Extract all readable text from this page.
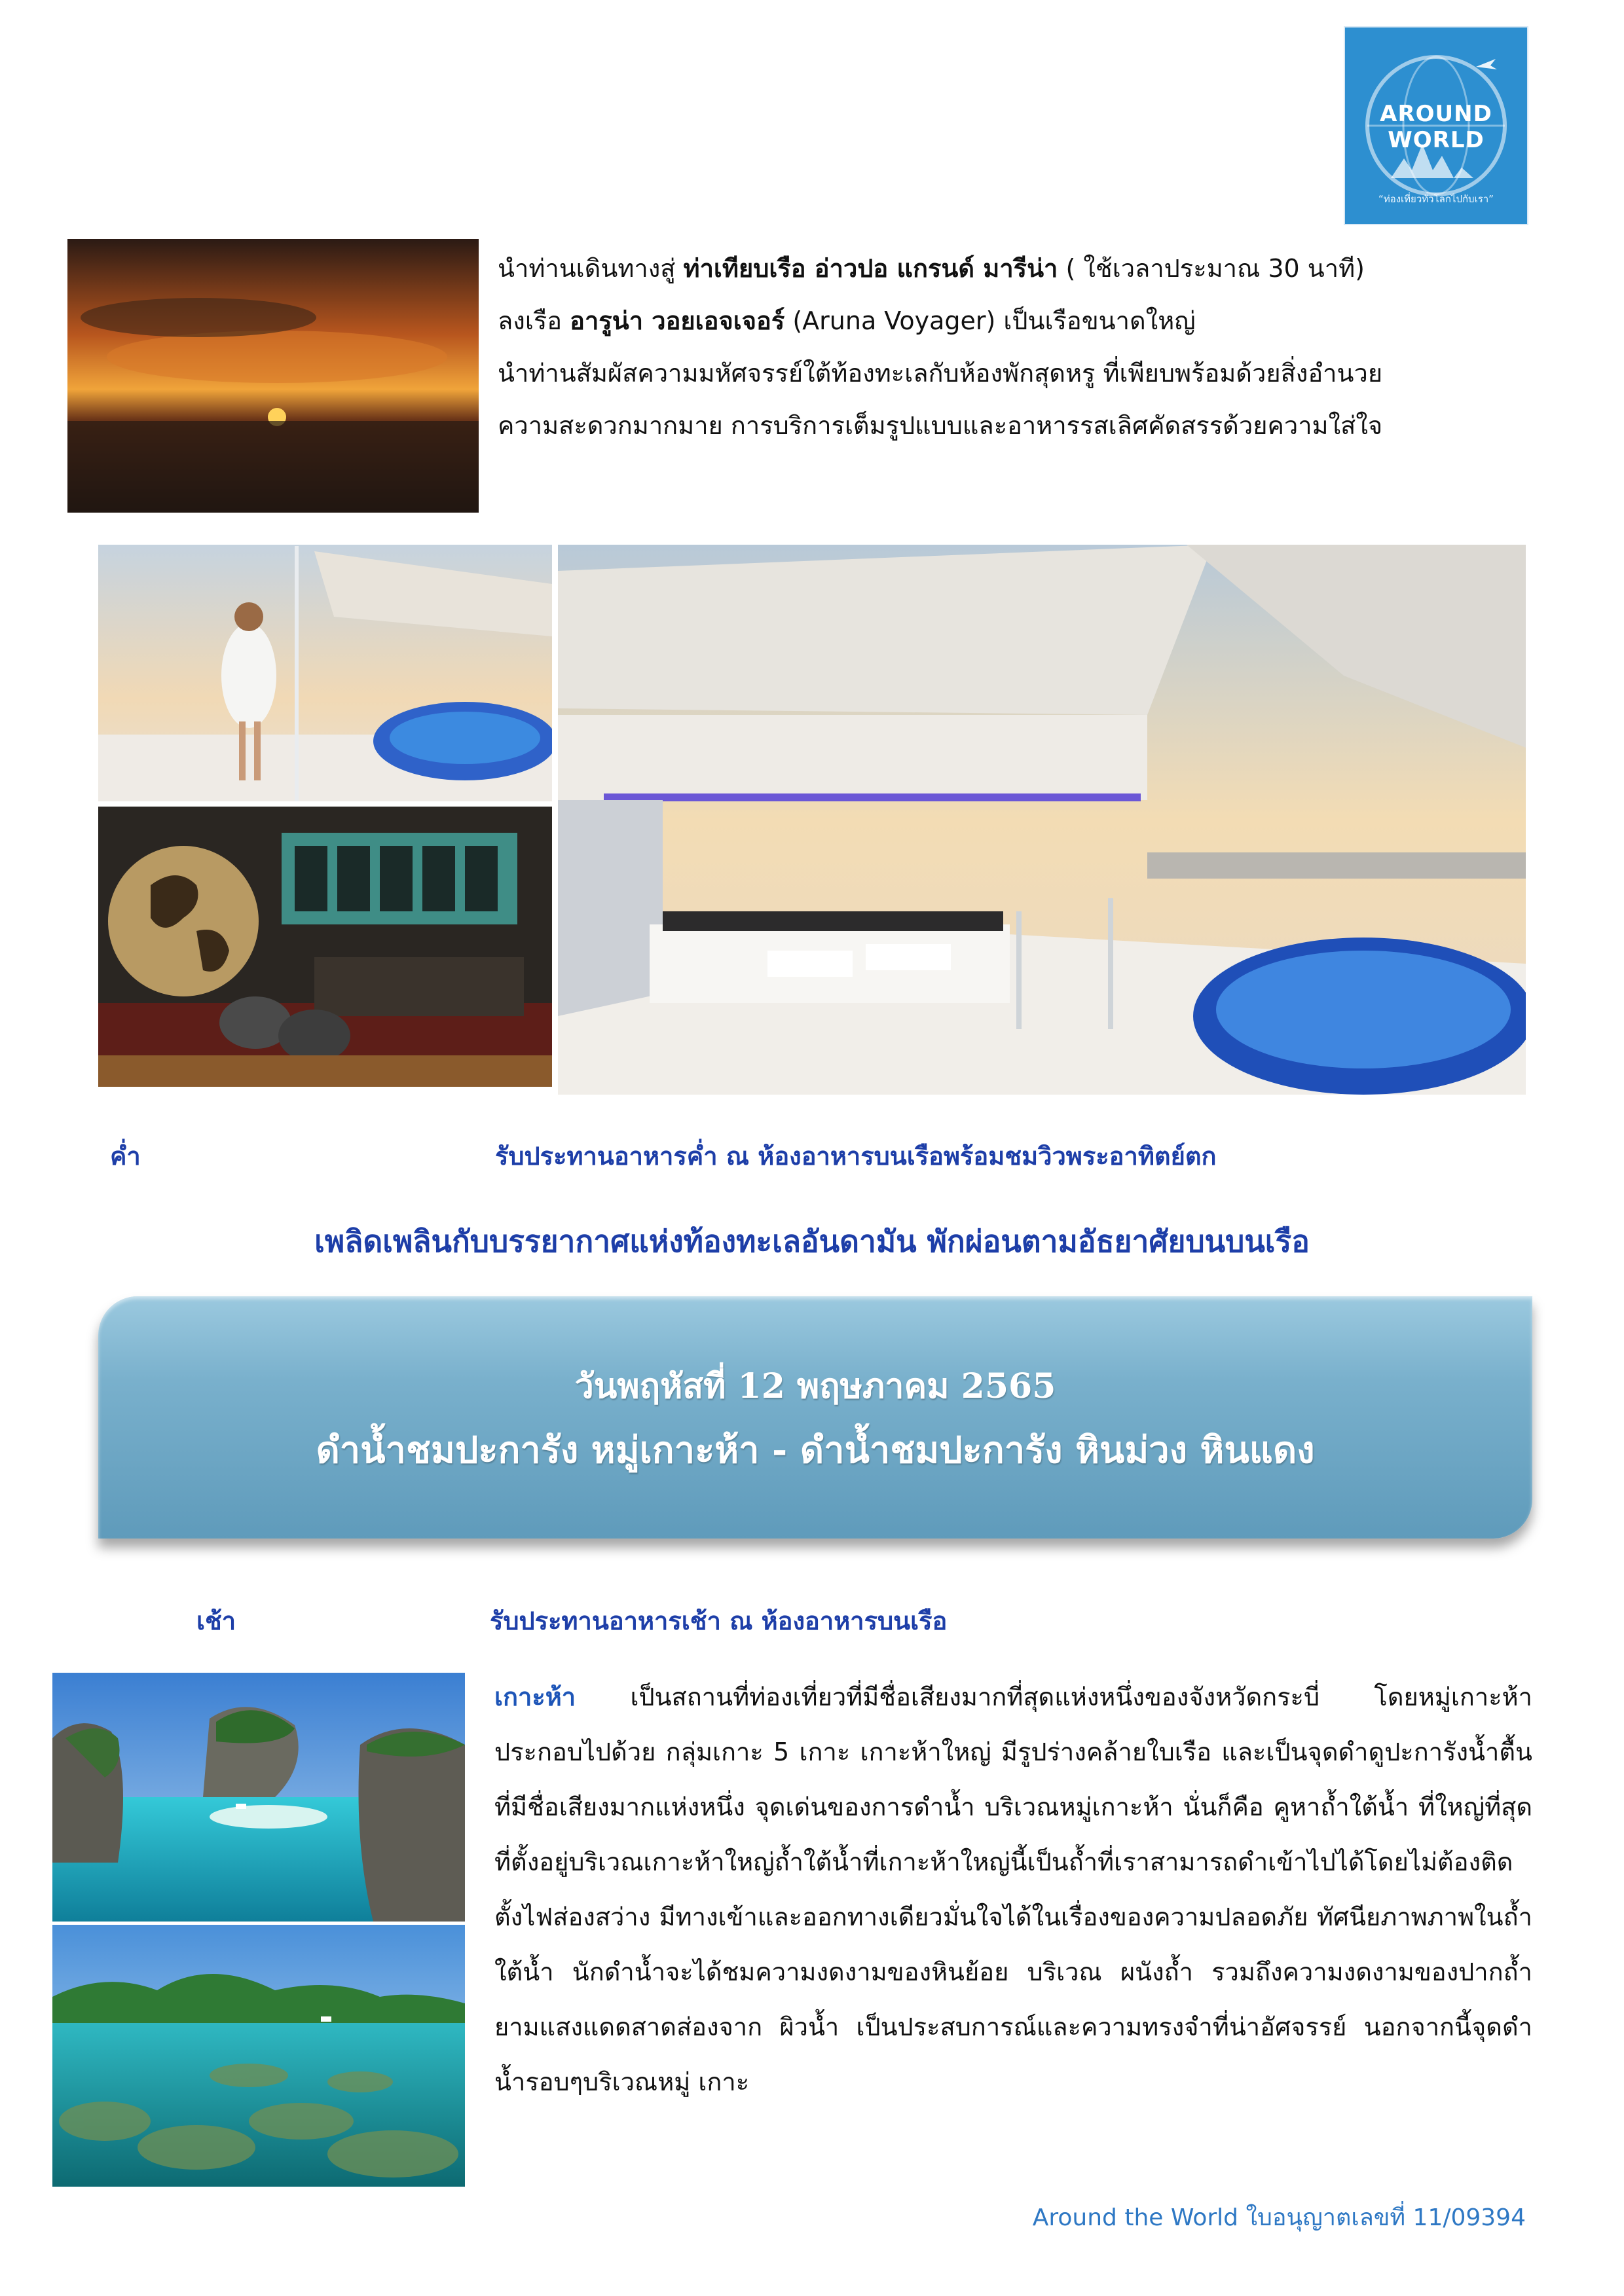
AROUND
WORLD
“ท่องเที่ยวทั่วโลกไปกับเรา”
นำท่านเดินทางสู่ ท่าเทียบเรือ อ่าวปอ แกรนด์ มารีน่า ( ใช้เวลาประมาณ 30 นาที)
ลงเรือ อารูน่า วอยเอจเจอร์ (Aruna Voyager) เป็นเรือขนาดใหญ่
นำท่านสัมผัสความมหัศจรรย์ใต้ท้องทะเลกับห้องพักสุดหรู ที่เพียบพร้อมด้วยสิ่งอำนวย
ความสะดวกมากมาย การบริการเต็มรูปแบบและอาหารรสเลิศคัดสรรด้วยความใส่ใจ
ค่ำ	รับประทานอาหารค่ำ ณ ห้องอาหารบนเรือพร้อมชมวิวพระอาทิตย์ตก
เพลิดเพลินกับบรรยากาศแห่งท้องทะเลอันดามัน พักผ่อนตามอัธยาศัยบนบนเรือ
วันพฤหัสที่ 12 พฤษภาคม 2565
ดำน้ำชมปะการัง หมู่เกาะห้า - ดำน้ำชมปะการัง หินม่วง หินแดง
เช้า	รับประทานอาหารเช้า ณ ห้องอาหารบนเรือ
เกาะห้า เป็นสถานที่ท่องเที่ยวที่มีชื่อเสียงมากที่สุดแห่งหนึ่งของจังหวัดกระบี่ โดยหมู่เกาะห้า ประกอบไปด้วย กลุ่มเกาะ 5 เกาะ เกาะห้าใหญ่ มีรูปร่างคล้ายใบเรือ และเป็นจุดดำดูปะการังน้ำตื้นที่มีชื่อเสียงมากแห่งหนึ่ง จุดเด่นของการดำน้ำ บริเวณหมู่เกาะห้า นั่นก็คือ คูหาถ้ำใต้น้ำ ที่ใหญ่ที่สุด ที่ตั้งอยู่บริเวณเกาะห้าใหญ่ถ้ำใต้น้ำที่เกาะห้าใหญ่นี้เป็นถ้ำที่เราสามารถดำเข้าไปได้โดยไม่ต้องติดตั้งไฟส่องสว่าง มีทางเข้าและออกทางเดียวมั่นใจได้ในเรื่องของความปลอดภัย ทัศนียภาพภาพในถ้ำ ใต้น้ำ นักดำน้ำจะได้ชมความงดงามของหินย้อย บริเวณ ผนังถ้ำ รวมถึงความงดงามของปากถ้ำยามแสงแดดสาดส่องจาก ผิวน้ำ เป็นประสบการณ์และความทรงจำที่น่าอัศจรรย์ นอกจากนี้จุดดำน้ำรอบๆบริเวณหมู่ เกาะ
Around the World ใบอนุญาตเลขที่ 11/09394
